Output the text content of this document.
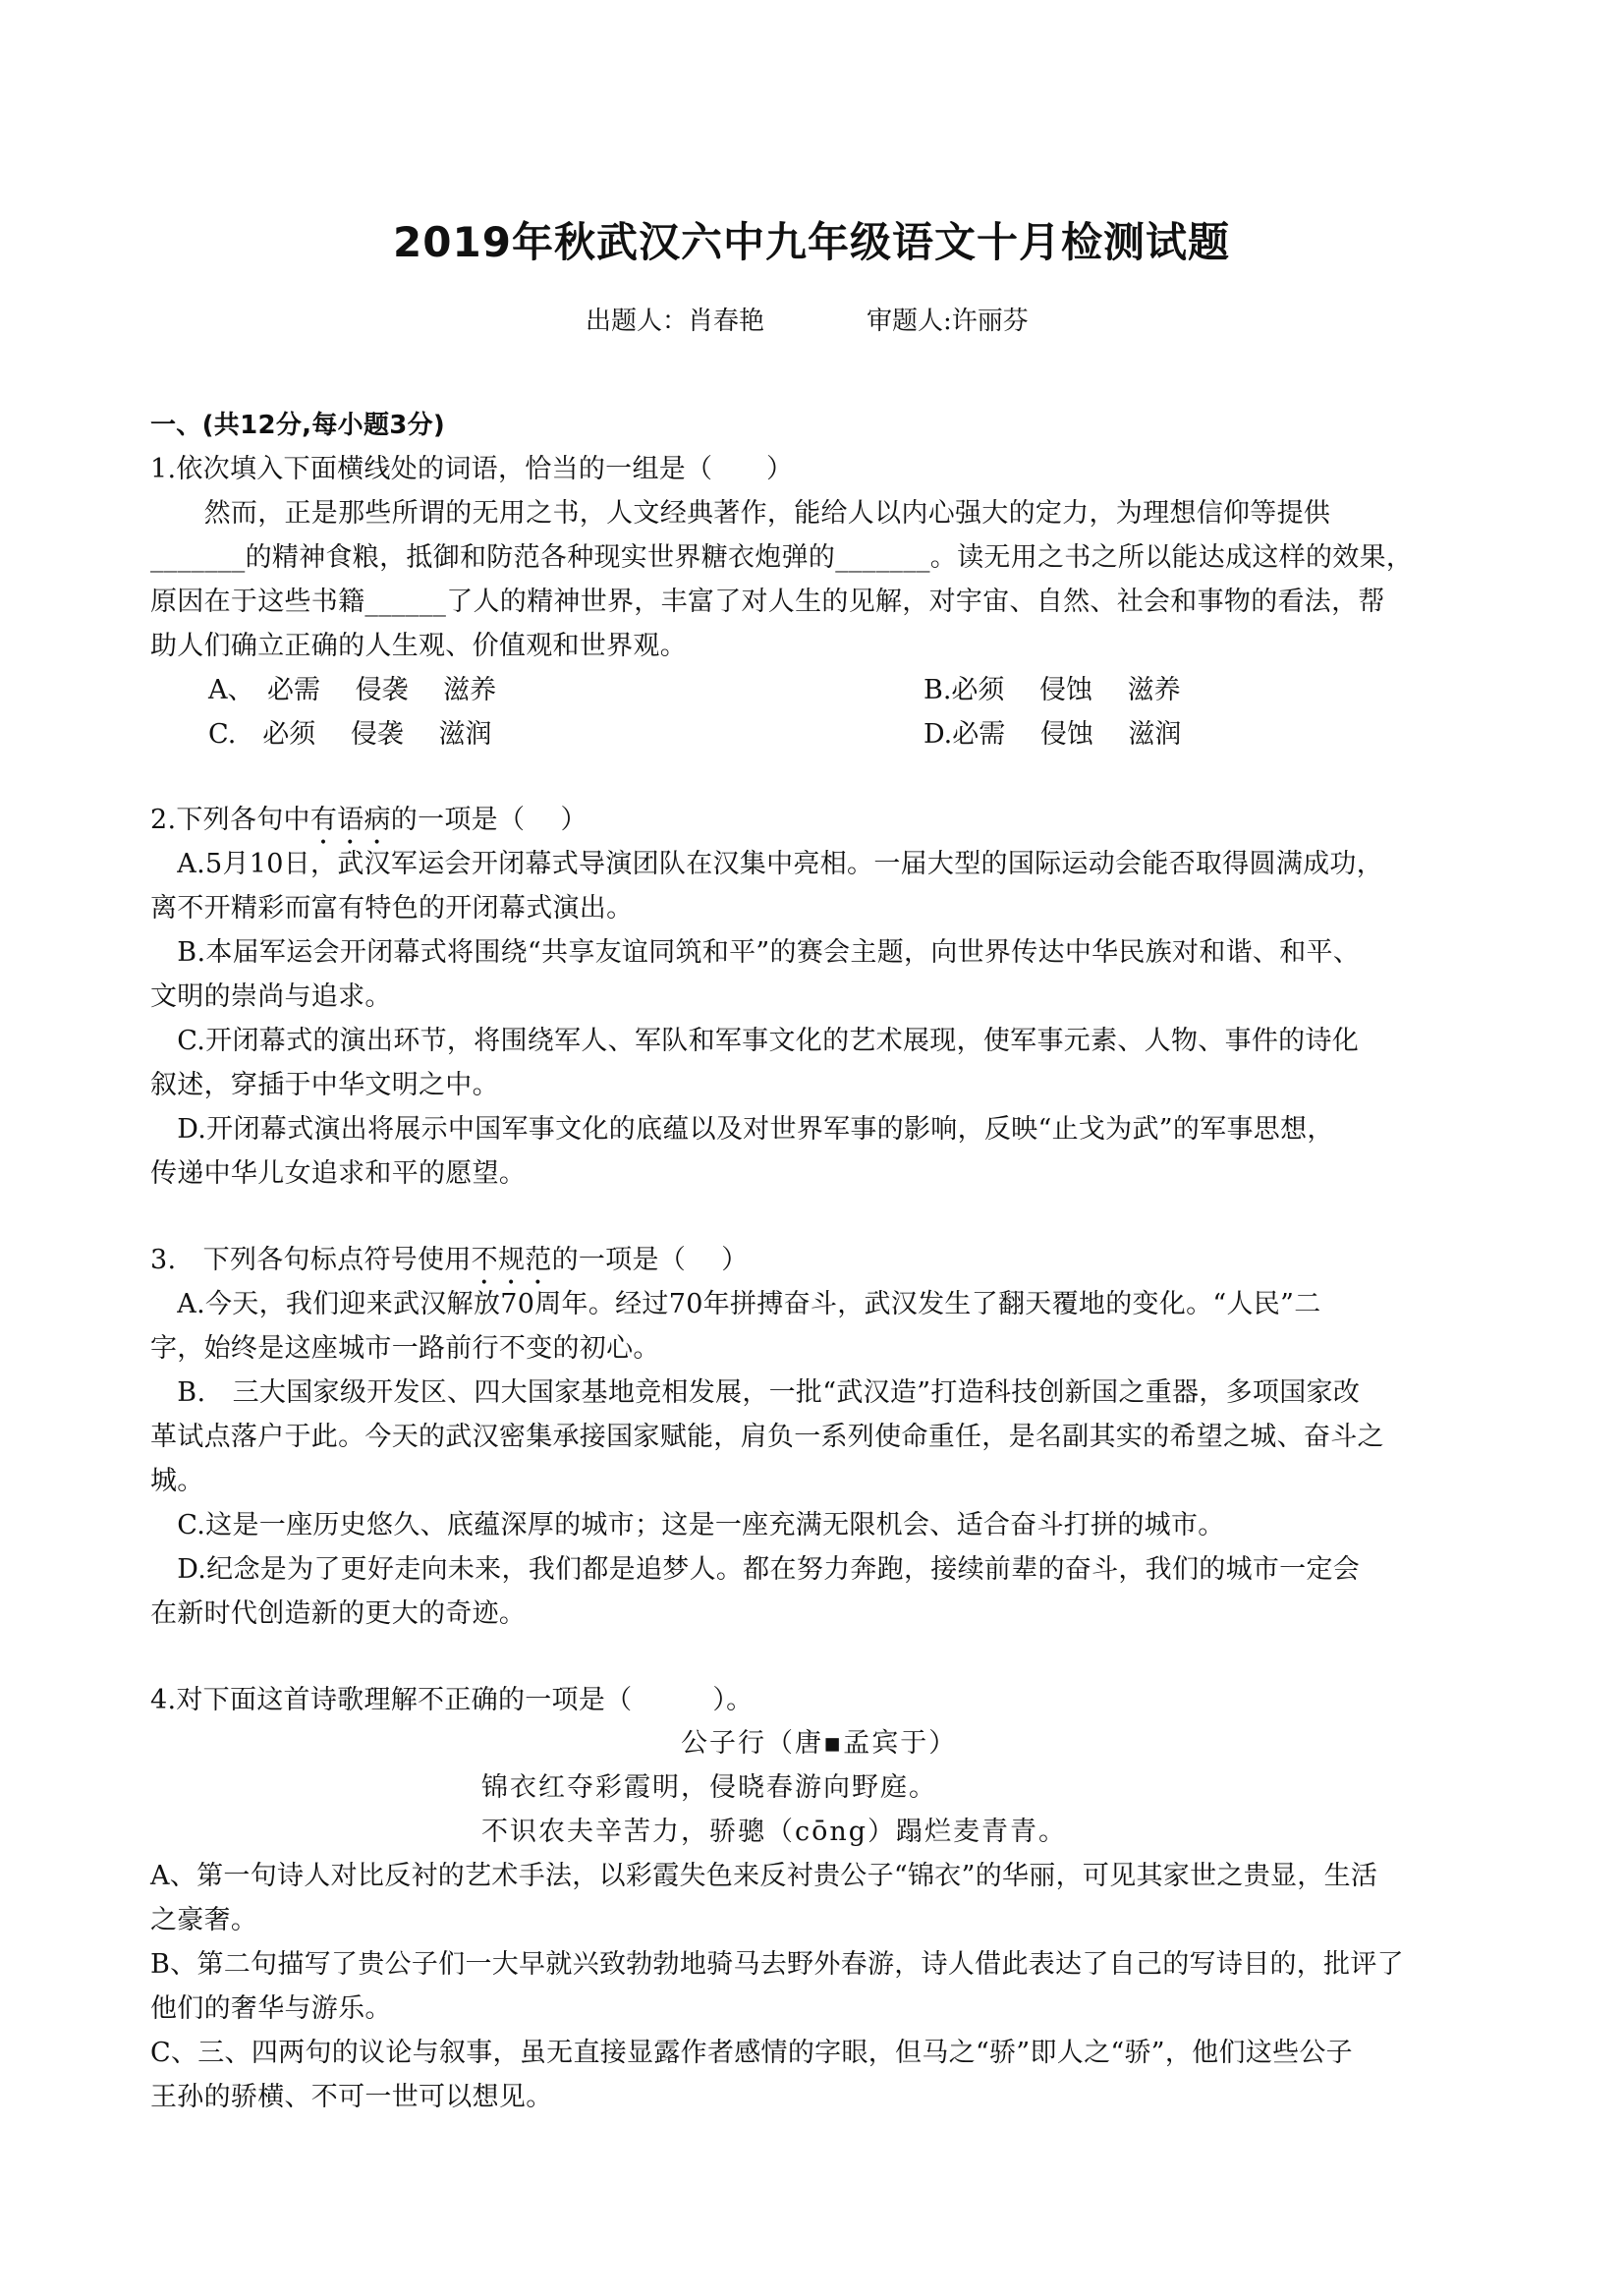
2019年秋武汉六中九年级语文十月检测试题
出题人：肖春艳　　　　	审题人:许丽芬
一、(共12分,每小题3分)
1.依次填入下面横线处的词语，恰当的一组是（　　）
　　然而，正是那些所谓的无用之书，人文经典著作，能给人以内心强大的定力，为理想信仰等提供
_______的精神食粮，抵御和防范各种现实世界糖衣炮弹的_______。读无用之书之所以能达成这样的效果，
原因在于这些书籍______了人的精神世界，丰富了对人生的见解，对宇宙、自然、社会和事物的看法，帮
助人们确立正确的人生观、价值观和世界观。
A、　必需　 侵袭　 滋养	B.必须　 侵蚀　 滋养
C.　必须　 侵袭　 滋润	D.必需　 侵蚀　 滋润
2.下列各句中有语病的一项是（　 ）
　A.5月10日，武汉军运会开闭幕式导演团队在汉集中亮相。一届大型的国际运动会能否取得圆满成功，
离不开精彩而富有特色的开闭幕式演出。
　B.本届军运会开闭幕式将围绕“共享友谊同筑和平”的赛会主题，向世界传达中华民族对和谐、和平、
文明的崇尚与追求。
　C.开闭幕式的演出环节，将围绕军人、军队和军事文化的艺术展现，使军事元素、人物、事件的诗化
叙述，穿插于中华文明之中。
　D.开闭幕式演出将展示中国军事文化的底蕴以及对世界军事的影响，反映“止戈为武”的军事思想，
传递中华儿女追求和平的愿望。
3.　下列各句标点符号使用不规范的一项是（　 ）
　A.今天，我们迎来武汉解放70周年。经过70年拼搏奋斗，武汉发生了翻天覆地的变化。“人民”二
字，始终是这座城市一路前行不变的初心。
　B.　三大国家级开发区、四大国家基地竞相发展，一批“武汉造”打造科技创新国之重器，多项国家改
革试点落户于此。今天的武汉密集承接国家赋能，肩负一系列使命重任，是名副其实的希望之城、奋斗之
城。
　C.这是一座历史悠久、底蕴深厚的城市；这是一座充满无限机会、适合奋斗打拼的城市。
　D.纪念是为了更好走向未来，我们都是追梦人。都在努力奔跑，接续前辈的奋斗，我们的城市一定会
在新时代创造新的更大的奇迹。
4.对下面这首诗歌理解不正确的一项是（　　　）。
公子行（唐▪孟宾于）
锦衣红夺彩霞明，侵晓春游向野庭。
不识农夫辛苦力，骄骢（cōng）蹋烂麦青青。
A、第一句诗人对比反衬的艺术手法，以彩霞失色来反衬贵公子“锦衣”的华丽，可见其家世之贵显，生活
之豪奢。
B、第二句描写了贵公子们一大早就兴致勃勃地骑马去野外春游，诗人借此表达了自己的写诗目的，批评了
他们的奢华与游乐。
C、三、四两句的议论与叙事，虽无直接显露作者感情的字眼，但马之“骄”即人之“骄”，他们这些公子
王孙的骄横、不可一世可以想见。
